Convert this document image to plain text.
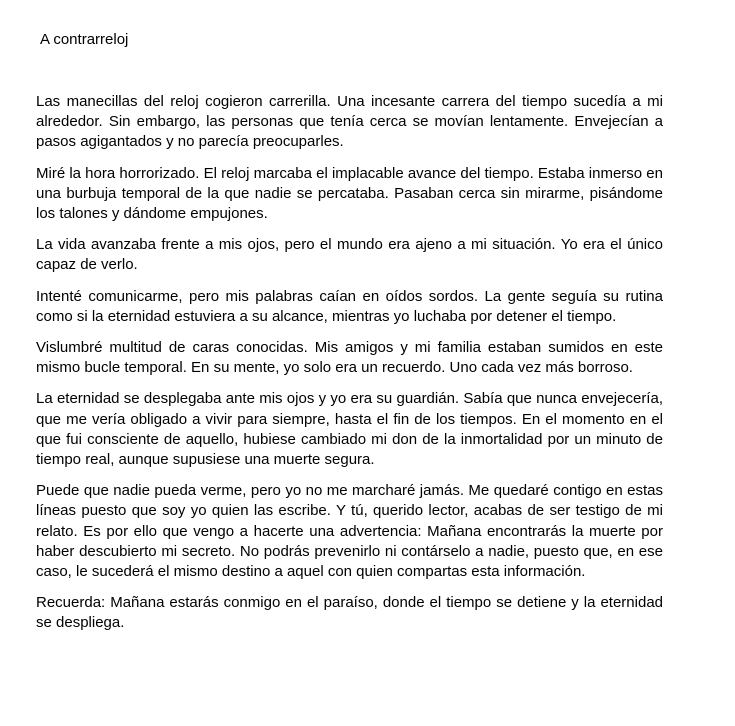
A contrarreloj

Las manecillas del reloj cogieron carrerilla. Una incesante carrera del tiempo sucedía a mi alrededor. Sin embargo, las personas que tenía cerca se movían lentamente. Envejecían a pasos agigantados y no parecía preocuparles.

Miré la hora horrorizado. El reloj marcaba el implacable avance del tiempo. Estaba inmerso en una burbuja temporal de la que nadie se percataba. Pasaban cerca sin mirarme, pisándome los talones y dándome empujones.

La vida avanzaba frente a mis ojos, pero el mundo era ajeno a mi situación. Yo era el único capaz de verlo.

Intenté comunicarme, pero mis palabras caían en oídos sordos. La gente seguía su rutina como si la eternidad estuviera a su alcance, mientras yo luchaba por detener el tiempo.

Vislumbré multitud de caras conocidas. Mis amigos y mi familia estaban sumidos en este mismo bucle temporal. En su mente, yo solo era un recuerdo. Uno cada vez más borroso.

La eternidad se desplegaba ante mis ojos y yo era su guardián. Sabía que nunca envejecería, que me vería obligado a vivir para siempre, hasta el fin de los tiempos. En el momento en el que fui consciente de aquello, hubiese cambiado mi don de la inmortalidad por un minuto de tiempo real, aunque supusiese una muerte segura.

Puede que nadie pueda verme, pero yo no me marcharé jamás. Me quedaré contigo en estas líneas puesto que soy yo quien las escribe. Y tú, querido lector, acabas de ser testigo de mi relato. Es por ello que vengo a hacerte una advertencia: Mañana encontrarás la muerte por haber descubierto mi secreto. No podrás prevenirlo ni contárselo a nadie, puesto que, en ese caso, le sucederá el mismo destino a aquel con quien compartas esta información.

Recuerda: Mañana estarás conmigo en el paraíso, donde el tiempo se detiene y la eternidad se despliega.
